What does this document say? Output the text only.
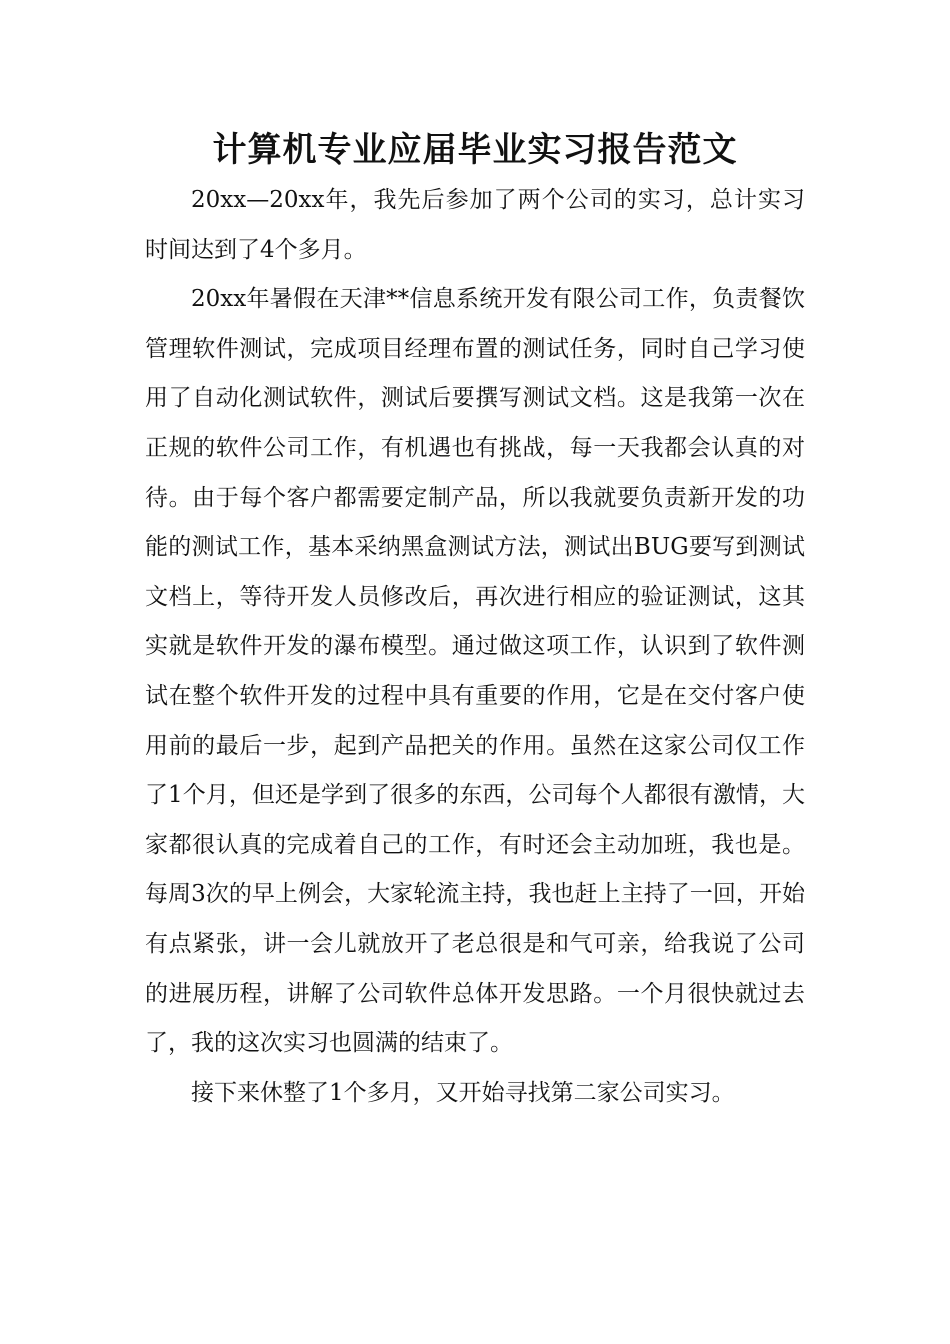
计算机专业应届毕业实习报告范文

20xx—20xx年，我先后参加了两个公司的实习，总计实习时间达到了4个多月。

20xx年暑假在天津**信息系统开发有限公司工作，负责餐饮管理软件测试，完成项目经理布置的测试任务，同时自己学习使用了自动化测试软件，测试后要撰写测试文档。这是我第一次在正规的软件公司工作，有机遇也有挑战，每一天我都会认真的对待。由于每个客户都需要定制产品，所以我就要负责新开发的功能的测试工作，基本采纳黑盒测试方法，测试出BUG要写到测试文档上，等待开发人员修改后，再次进行相应的验证测试，这其实就是软件开发的瀑布模型。通过做这项工作，认识到了软件测试在整个软件开发的过程中具有重要的作用，它是在交付客户使用前的最后一步，起到产品把关的作用。虽然在这家公司仅工作了1个月，但还是学到了很多的东西，公司每个人都很有激情，大家都很认真的完成着自己的工作，有时还会主动加班，我也是。每周3次的早上例会，大家轮流主持，我也赶上主持了一回，开始有点紧张，讲一会儿就放开了老总很是和气可亲，给我说了公司的进展历程，讲解了公司软件总体开发思路。一个月很快就过去了，我的这次实习也圆满的结束了。

接下来休整了1个多月，又开始寻找第二家公司实习。
